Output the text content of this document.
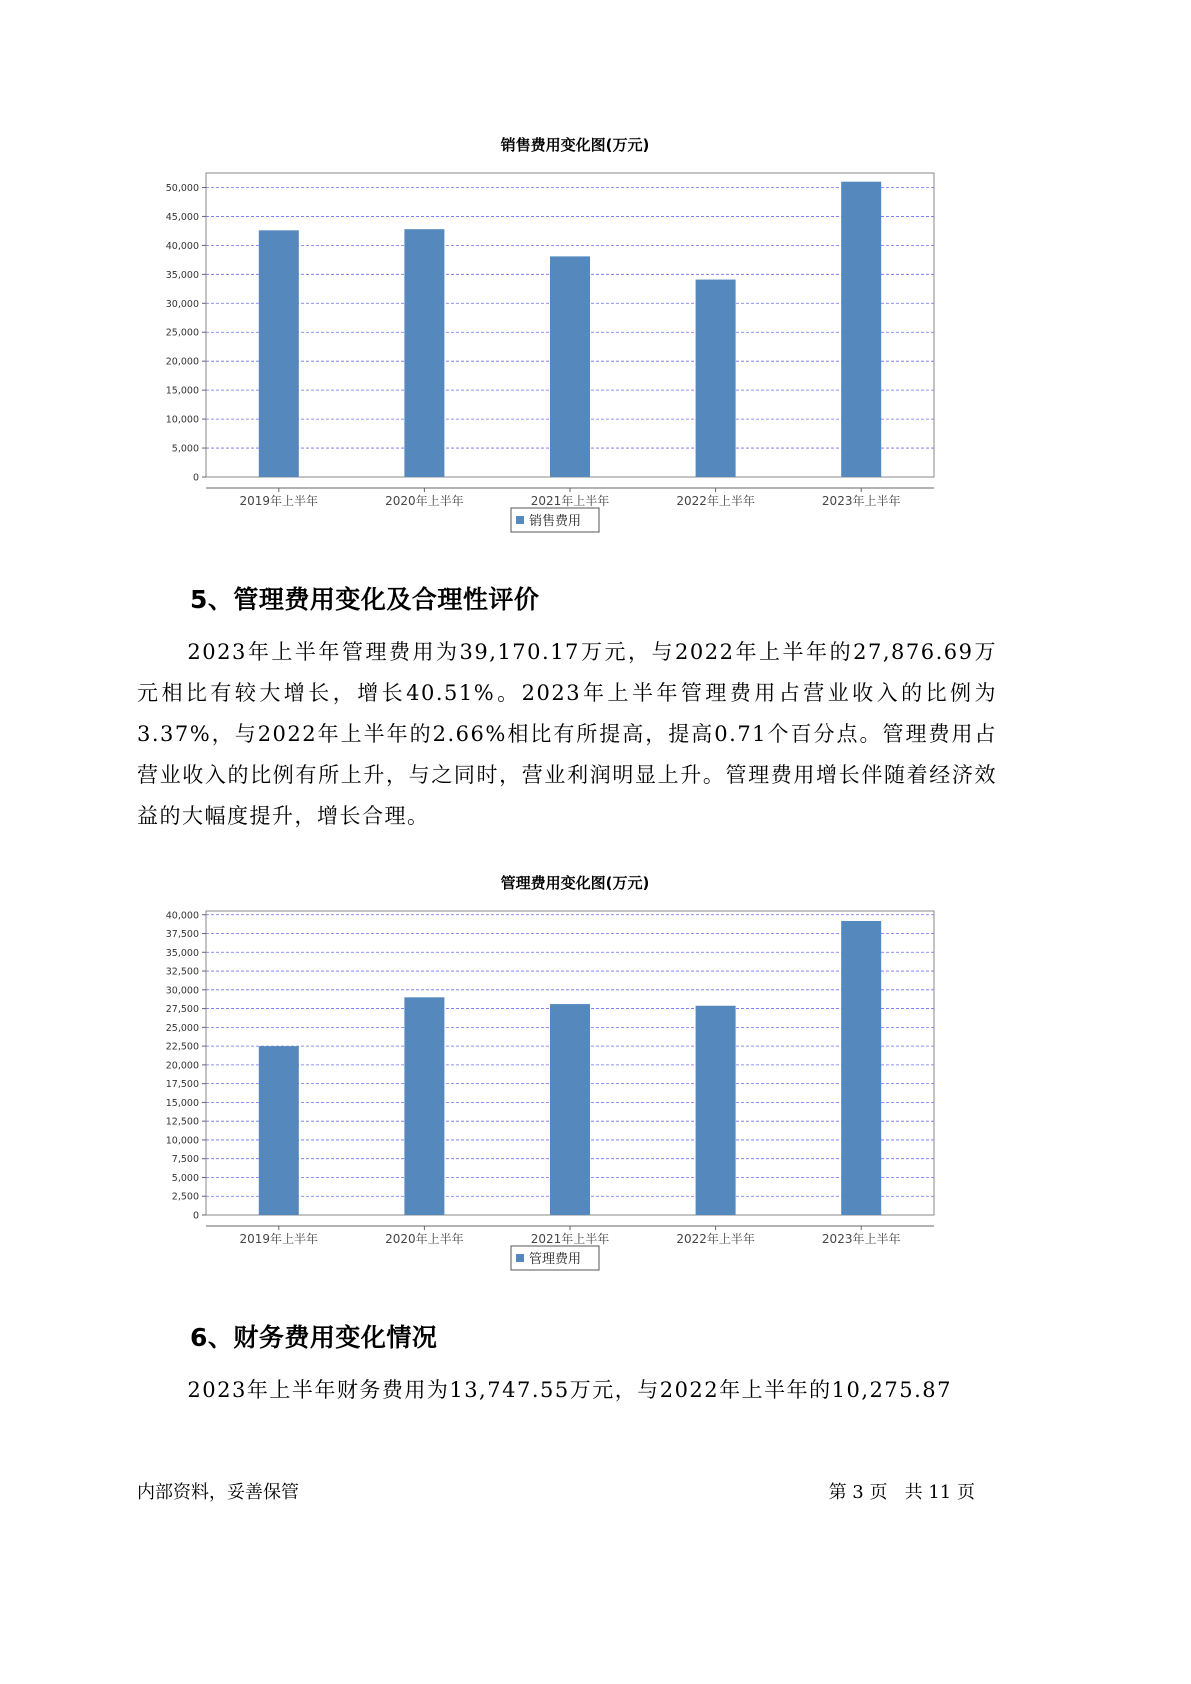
销售费用变化图(万元)
0
5,000
10,000
15,000
20,000
25,000
30,000
35,000
40,000
45,000
50,000
2019年上半年	2020年上半年	2021年上半年	2022年上半年	2023年上半年
销售费用
5、管理费用变化及合理性评价

2023年上半年管理费用为39,170.17万元，与2022年上半年的27,876.69万元相比有较大增长，增长40.51%。2023年上半年管理费用占营业收入的比例为3.37%，与2022年上半年的2.66%相比有所提高，提高0.71个百分点。管理费用占营业收入的比例有所上升，与之同时，营业利润明显上升。管理费用增长伴随着经济效益的大幅度提升，增长合理。

管理费用变化图(万元)
0
2,500
5,000
7,500
10,000
12,500
15,000
17,500
20,000
22,500
25,000
27,500
30,000
32,500
35,000
37,500
40,000
2019年上半年	2020年上半年	2021年上半年	2022年上半年	2023年上半年
管理费用
6、财务费用变化情况

2023年上半年财务费用为13,747.55万元，与2022年上半年的10,275.87

内部资料，妥善保管	第 3 页   共 11 页
